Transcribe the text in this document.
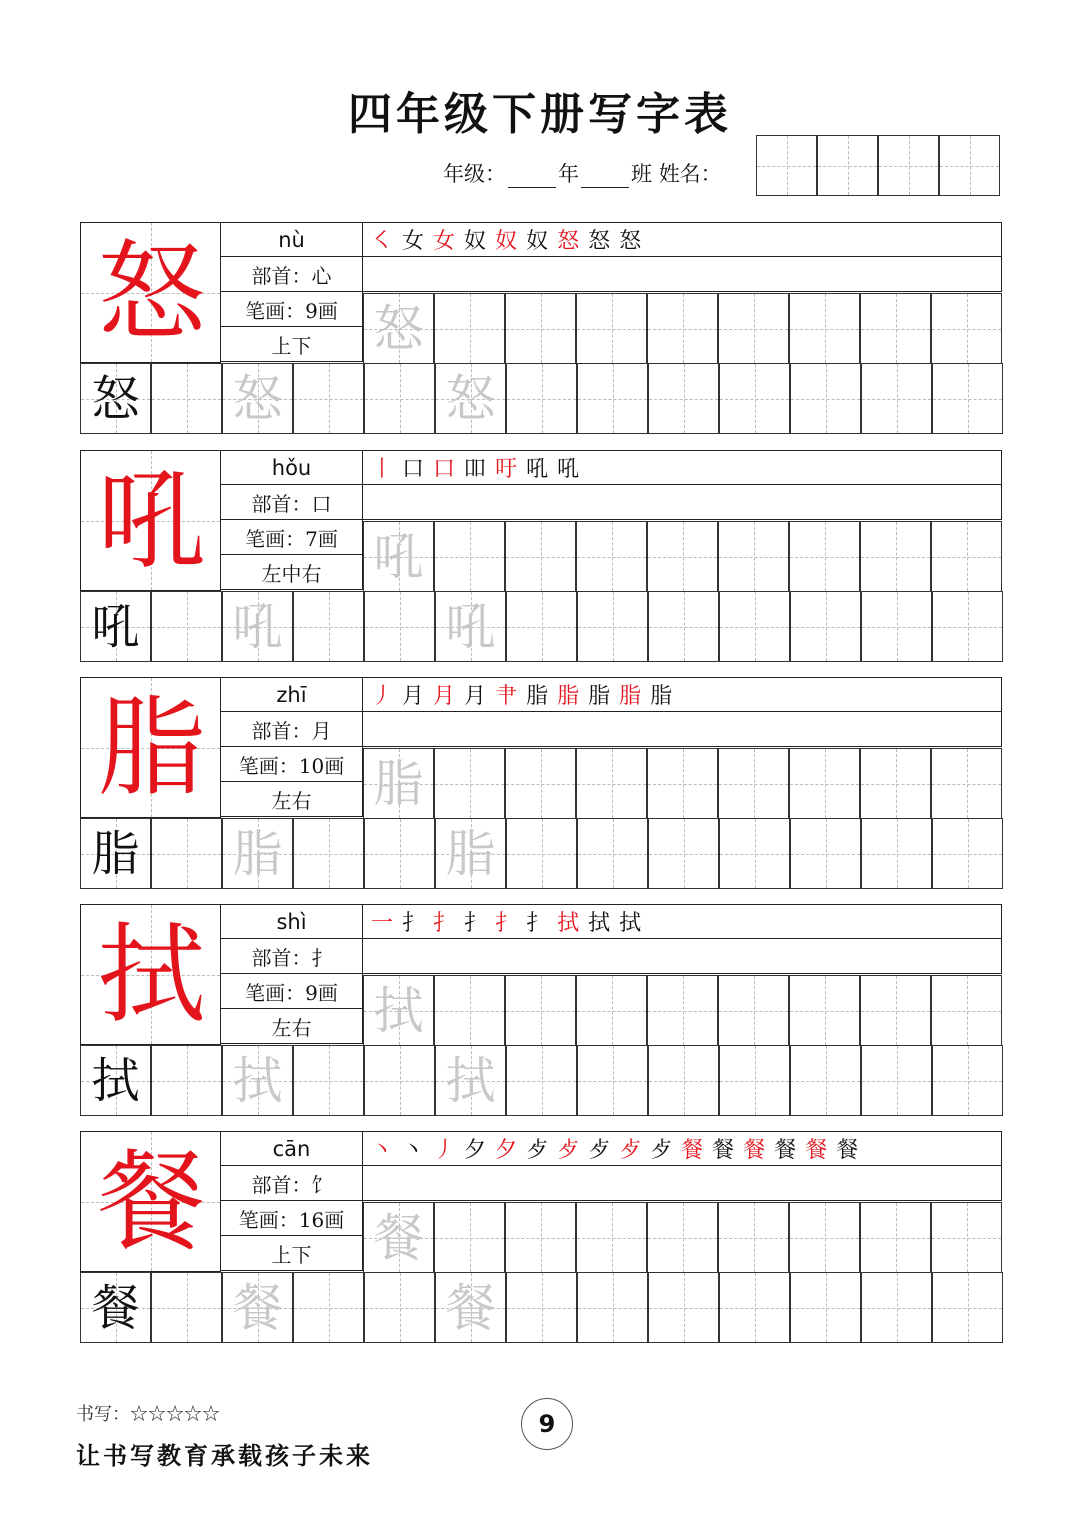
四年级下册写字表
年级： 年 班 姓名：
怒	nù
部首：心
笔画：9画
上下
㇛ 女 女 奴 奴 奴 怒 怒 怒
怒
怒 怒	怒
吼	hǒu
部首：口
笔画：7画
左中右
丨 口 口 吅 吁 吼 吼
吼
吼 吼	吼
脂	zhī
部首：月
笔画：10画
左右
丿 月 月 月 肀 脂 脂 脂 脂 脂
脂
脂 脂	脂
拭	shì
部首：扌
笔画：9画
左右
一 扌 扌 扌 扌 扌 拭 拭 拭
拭
拭 拭	拭
餐	cān
部首：饣
笔画：16画
上下
丶 丶 丿 夕 夕 歺 歺 歺 歺 歺 餐 餐 餐 餐 餐 餐
餐
餐 餐	餐
书写：☆☆☆☆☆
让书写教育承载孩子未来
9
